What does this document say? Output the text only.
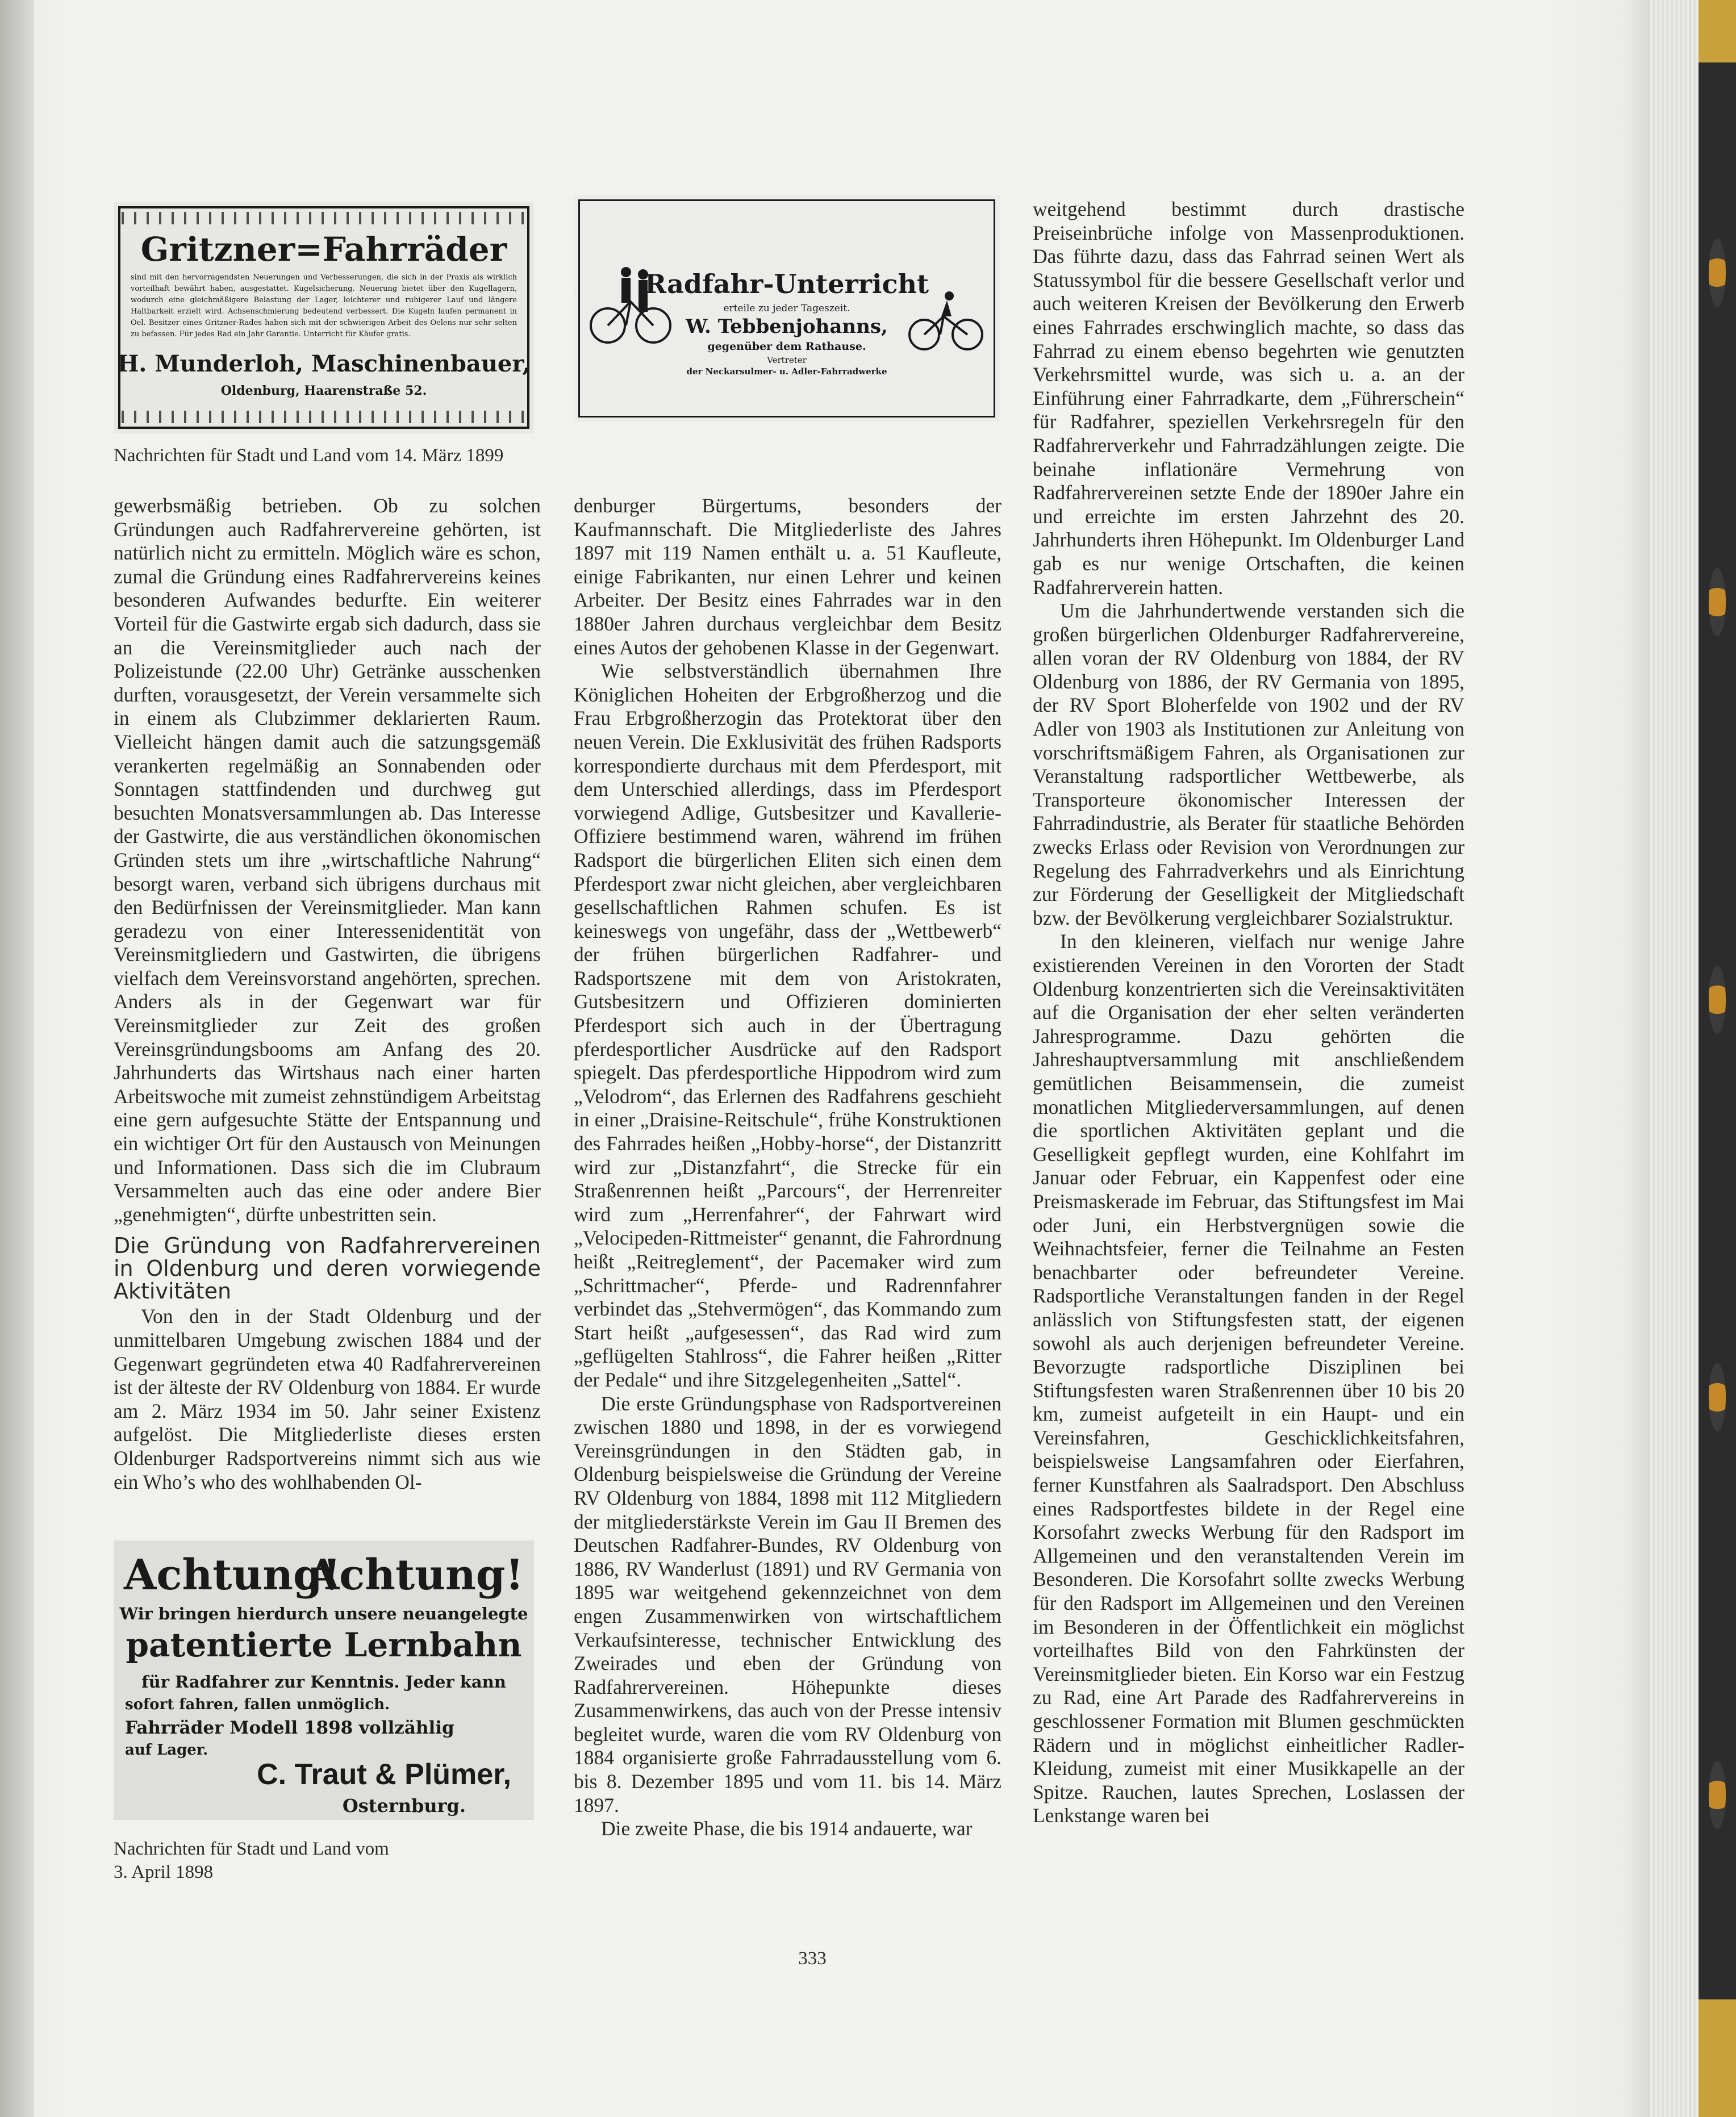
Gritzner=Fahrräder
sind mit den hervorragendsten Neuerungen und Verbesserungen, die sich in der Praxis als wirklich vorteilhaft bewährt haben, ausgestattet. Kugelsicherung. Neuerung bietet über den Kugellagern, wodurch eine gleichmäßigere Belastung der Lager, leichterer und ruhigerer Lauf und längere Haltbarkeit erzielt wird. Achsenschmierung bedeutend verbessert. Die Kugeln laufen permanent in Oel. Besitzer eines Gritzner-Rades haben sich mit der schwierigen Arbeit des Oelens nur sehr selten zu befassen. Für jedes Rad ein Jahr Garantie. Unterricht für Käufer gratis.
H. Munderloh, Maschinenbauer,
Oldenburg, Haarenstraße 52.
Radfahr-Unterricht
erteile zu jeder Tageszeit.
W. Tebbenjohanns,
gegenüber dem Rathause.
Vertreter
der Neckarsulmer- u. Adler-Fahrradwerke
Nachrichten für Stadt und Land vom 14. März 1899

gewerbsmäßig betrieben. Ob zu solchen Gründungen auch Radfahrervereine gehörten, ist natürlich nicht zu ermitteln. Möglich wäre es schon, zumal die Gründung eines Radfahrervereins keines besonderen Aufwandes bedurfte. Ein weiterer Vorteil für die Gastwirte ergab sich dadurch, dass sie an die Vereinsmitglieder auch nach der Polizeistunde (22.00 Uhr) Getränke ausschenken durften, vorausgesetzt, der Verein versammelte sich in einem als Clubzimmer deklarierten Raum. Vielleicht hängen damit auch die satzungsgemäß verankerten regelmäßig an Sonnabenden oder Sonntagen stattfindenden und durchweg gut besuchten Monatsversammlungen ab. Das Interesse der Gastwirte, die aus verständlichen ökonomischen Gründen stets um ihre „wirtschaftliche Nahrung“ besorgt waren, verband sich übrigens durchaus mit den Bedürfnissen der Vereinsmitglieder. Man kann geradezu von einer Interessenidentität von Vereinsmitgliedern und Gastwirten, die übrigens vielfach dem Vereinsvorstand angehörten, sprechen. Anders als in der Gegenwart war für Vereinsmitglieder zur Zeit des großen Vereinsgründungsbooms am Anfang des 20. Jahrhunderts das Wirtshaus nach einer harten Arbeitswoche mit zumeist zehnstündigem Arbeitstag eine gern aufgesuchte Stätte der Entspannung und ein wichtiger Ort für den Austausch von Meinungen und Informationen. Dass sich die im Clubraum Versammelten auch das eine oder andere Bier „genehmigten“, dürfte unbestritten sein.

Die Gründung von Radfahrervereinen in Oldenburg und deren vorwiegende Aktivitäten

Von den in der Stadt Oldenburg und der unmittelbaren Umgebung zwischen 1884 und der Gegenwart gegründeten etwa 40 Radfahrervereinen ist der älteste der RV Oldenburg von 1884. Er wurde am 2. März 1934 im 50. Jahr seiner Existenz aufgelöst. Die Mitgliederliste dieses ersten Oldenburger Radsportvereins nimmt sich aus wie ein Who’s who des wohlhabenden Ol-

Achtung!
Achtung!
Wir bringen hierdurch unsere neuangelegte
patentierte Lernbahn
für Radfahrer zur Kenntnis. Jeder kann
sofort fahren, fallen unmöglich.
Fahrräder Modell 1898 vollzählig
auf Lager.
C. Traut & Plümer,
Osternburg.
Nachrichten für Stadt und Land vom
3. April 1898

denburger Bürgertums, besonders der Kaufmannschaft. Die Mitgliederliste des Jahres 1897 mit 119 Namen enthält u. a. 51 Kaufleute, einige Fabrikanten, nur einen Lehrer und keinen Arbeiter. Der Besitz eines Fahrrades war in den 1880er Jahren durchaus vergleichbar dem Besitz eines Autos der gehobenen Klasse in der Gegenwart.

Wie selbstverständlich übernahmen Ihre Königlichen Hoheiten der Erbgroßherzog und die Frau Erbgroßherzogin das Protektorat über den neuen Verein. Die Exklusivität des frühen Radsports korrespondierte durchaus mit dem Pferdesport, mit dem Unterschied allerdings, dass im Pferdesport vorwiegend Adlige, Gutsbesitzer und Kavallerie-Offiziere bestimmend waren, während im frühen Radsport die bürgerlichen Eliten sich einen dem Pferdesport zwar nicht gleichen, aber vergleichbaren gesellschaftlichen Rahmen schufen. Es ist keineswegs von ungefähr, dass der „Wettbewerb“ der frühen bürgerlichen Radfahrer- und Radsportszene mit dem von Aristokraten, Gutsbesitzern und Offizieren dominierten Pferdesport sich auch in der Übertragung pferdesportlicher Ausdrücke auf den Radsport spiegelt. Das pferdesportliche Hippodrom wird zum „Velodrom“, das Erlernen des Radfahrens geschieht in einer „Draisine-Reitschule“, frühe Konstruktionen des Fahrrades heißen „Hobby-horse“, der Distanzritt wird zur „Distanzfahrt“, die Strecke für ein Straßenrennen heißt „Parcours“, der Herrenreiter wird zum „Herrenfahrer“, der Fahrwart wird „Velocipeden-Rittmeister“ genannt, die Fahrordnung heißt „Reitreglement“, der Pacemaker wird zum „Schrittmacher“, Pferde- und Radrennfahrer verbindet das „Stehvermögen“, das Kommando zum Start heißt „aufgesessen“, das Rad wird zum „geflügelten Stahlross“, die Fahrer heißen „Ritter der Pedale“ und ihre Sitzgelegenheiten „Sattel“.

Die erste Gründungsphase von Radsportvereinen zwischen 1880 und 1898, in der es vorwiegend Vereinsgründungen in den Städten gab, in Oldenburg beispielsweise die Gründung der Vereine RV Oldenburg von 1884, 1898 mit 112 Mitgliedern der mitgliederstärkste Verein im Gau II Bremen des Deutschen Radfahrer-Bundes, RV Oldenburg von 1886, RV Wanderlust (1891) und RV Germania von 1895 war weitgehend gekennzeichnet von dem engen Zusammenwirken von wirtschaftlichem Verkaufsinteresse, technischer Entwicklung des Zweirades und eben der Gründung von Radfahrervereinen. Höhepunkte dieses Zusammenwirkens, das auch von der Presse intensiv begleitet wurde, waren die vom RV Oldenburg von 1884 organisierte große Fahrradausstellung vom 6. bis 8. Dezember 1895 und vom 11. bis 14. März 1897.

Die zweite Phase, die bis 1914 andauerte, war

weitgehend bestimmt durch drastische Preiseinbrüche infolge von Massenproduktionen. Das führte dazu, dass das Fahrrad seinen Wert als Statussymbol für die bessere Gesellschaft verlor und auch weiteren Kreisen der Bevölkerung den Erwerb eines Fahrrades erschwinglich machte, so dass das Fahrrad zu einem ebenso begehrten wie genutzten Verkehrsmittel wurde, was sich u. a. an der Einführung einer Fahrradkarte, dem „Führerschein“ für Radfahrer, speziellen Verkehrsregeln für den Radfahrerverkehr und Fahrradzählungen zeigte. Die beinahe inflationäre Vermehrung von Radfahrervereinen setzte Ende der 1890er Jahre ein und erreichte im ersten Jahrzehnt des 20. Jahrhunderts ihren Höhepunkt. Im Oldenburger Land gab es nur wenige Ortschaften, die keinen Radfahrerverein hatten.

Um die Jahrhundertwende verstanden sich die großen bürgerlichen Oldenburger Radfahrervereine, allen voran der RV Oldenburg von 1884, der RV Oldenburg von 1886, der RV Germania von 1895, der RV Sport Bloherfelde von 1902 und der RV Adler von 1903 als Institutionen zur Anleitung von vorschriftsmäßigem Fahren, als Organisationen zur Veranstaltung radsportlicher Wettbewerbe, als Transporteure ökonomischer Interessen der Fahrradindustrie, als Berater für staatliche Behörden zwecks Erlass oder Revision von Verordnungen zur Regelung des Fahrradverkehrs und als Einrichtung zur Förderung der Geselligkeit der Mitgliedschaft bzw. der Bevölkerung vergleichbarer Sozialstruktur.

In den kleineren, vielfach nur wenige Jahre existierenden Vereinen in den Vororten der Stadt Oldenburg konzentrierten sich die Vereinsaktivitäten auf die Organisation der eher selten veränderten Jahresprogramme. Dazu gehörten die Jahreshauptversammlung mit anschließendem gemütlichen Beisammensein, die zumeist monatlichen Mitgliederversammlungen, auf denen die sportlichen Aktivitäten geplant und die Geselligkeit gepflegt wurden, eine Kohlfahrt im Januar oder Februar, ein Kappenfest oder eine Preismaskerade im Februar, das Stiftungsfest im Mai oder Juni, ein Herbstvergnügen sowie die Weihnachtsfeier, ferner die Teilnahme an Festen benachbarter oder befreundeter Vereine. Radsportliche Veranstaltungen fanden in der Regel anlässlich von Stiftungsfesten statt, der eigenen sowohl als auch derjenigen befreundeter Vereine. Bevorzugte radsportliche Disziplinen bei Stiftungsfesten waren Straßenrennen über 10 bis 20 km, zumeist aufgeteilt in ein Haupt- und ein Vereinsfahren, Geschicklichkeitsfahren, beispielsweise Langsamfahren oder Eierfahren, ferner Kunstfahren als Saalradsport. Den Abschluss eines Radsportfestes bildete in der Regel eine Korsofahrt zwecks Werbung für den Radsport im Allgemeinen und den veranstaltenden Verein im Besonderen. Die Korsofahrt sollte zwecks Werbung für den Radsport im Allgemeinen und den Vereinen im Besonderen in der Öffentlichkeit ein möglichst vorteilhaftes Bild von den Fahrkünsten der Vereinsmitglieder bieten. Ein Korso war ein Festzug zu Rad, eine Art Parade des Radfahrervereins in geschlossener Formation mit Blumen geschmückten Rädern und in möglichst einheitlicher Radler-Kleidung, zumeist mit einer Musikkapelle an der Spitze. Rauchen, lautes Sprechen, Loslassen der Lenkstange waren bei

333
